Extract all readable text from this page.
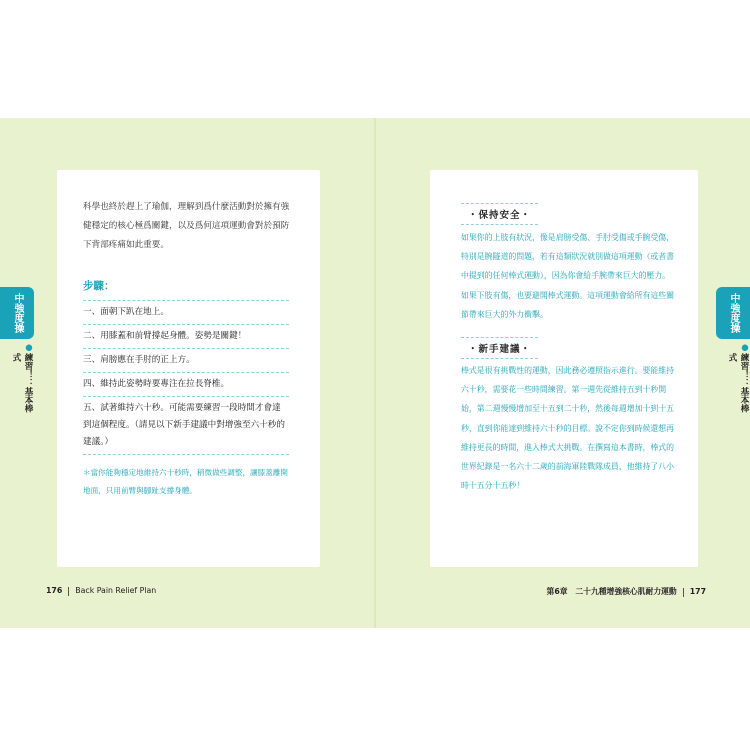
科學也終於趕上了瑜伽，理解到爲什麼活動對於擁有強健穩定的核心極爲關鍵，以及爲何這項運動會對於預防下背部疼痛如此重要。

步驟：

一、面朝下趴在地上。
二、用膝蓋和前臂撐起身體。姿勢是關鍵！
三、肩膀應在手肘的正上方。
四、維持此姿勢時要專注在拉長脊椎。
五、試著維持六十秒。可能需要練習一段時間才會達到這個程度。（請見以下新手建議中對增強至六十秒的建議。）

＊當你能夠穩定地維持六十秒時，稍微做些調整，讓膝蓋離開地面，只用前臂與腳趾支撐身體。

・保持安全・

如果你的上肢有狀況，像是肩膀受傷、手肘受傷或手腕受傷，特別是腕隧道的問題，若有這類狀況就別做這項運動（或者書中提到的任何棒式運動），因為你會給手腕帶來巨大的壓力。如果下肢有傷，也要避開棒式運動。這項運動會給所有這些關節帶來巨大的外力衝擊。

・新手建議・

棒式是很有挑戰性的運動，因此務必遵照指示進行。要能維持六十秒，需要花一些時間練習。第一週先從維持五到十秒開始，第二週慢慢增加至十五到二十秒，然後每週增加十到十五秒，直到你能達到維持六十秒的目標。說不定你到時候還想再維持更長的時間，進入棒式大挑戰。在撰寫這本書時，棒式的世界紀錄是一名六十二歲的前海軍陸戰隊成員，他維持了八小時十五分十五秒！

中強度操
●
練習！：基本棒式
中強度操
●
練習！：基本棒式

176 Back Pain Relief Plan	第6章　二十九種增強核心肌耐力運動 177
